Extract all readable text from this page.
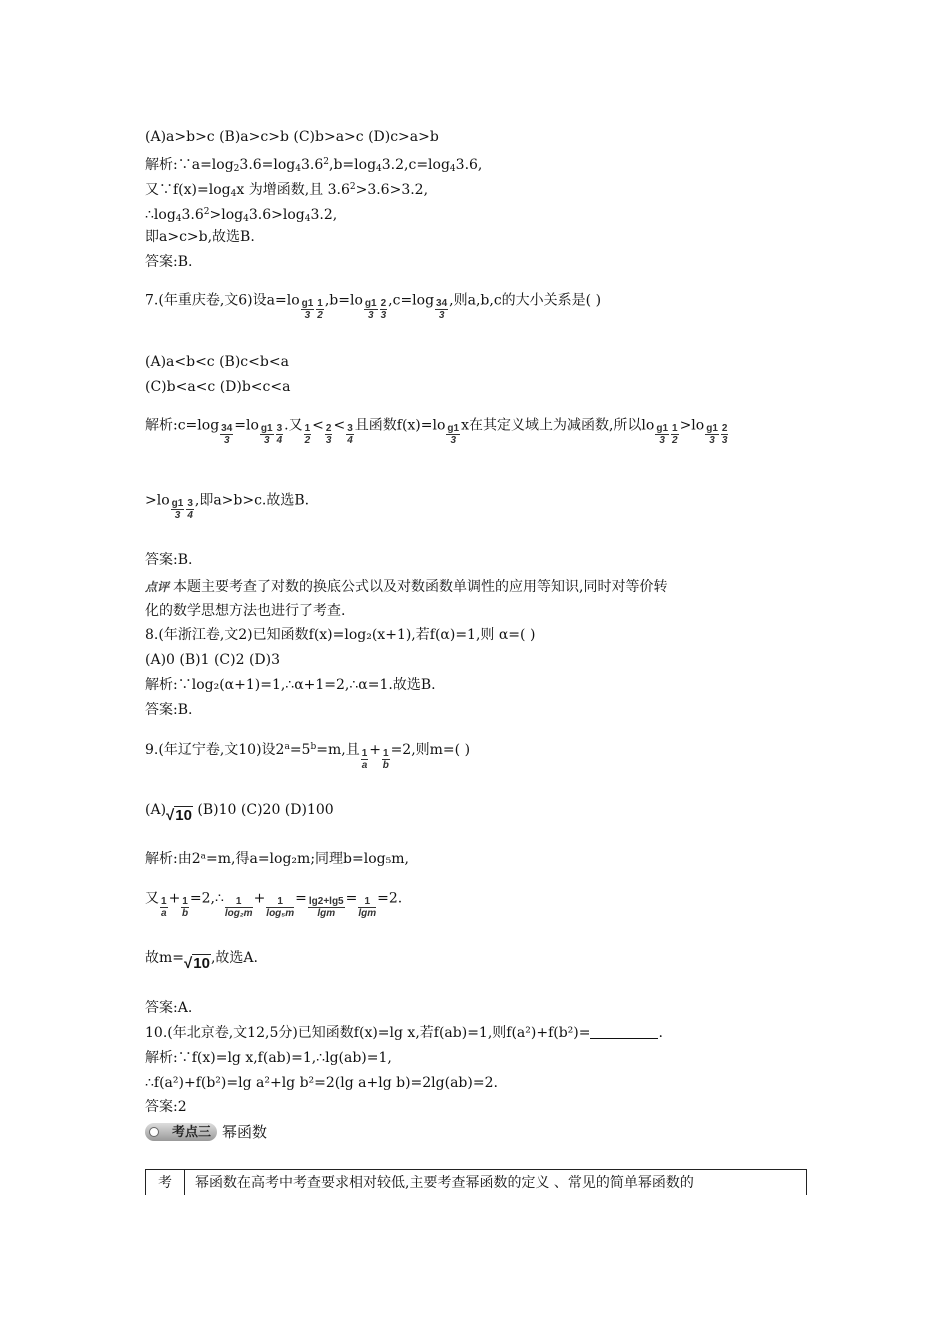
(A)a>b>c (B)a>c>b (C)b>a>c (D)c>a>b
解析$:\because a=\log_23.6=\log_43.6^2,b=\log_43.2,c=\log_43.6$,
又$\because f(x)=\log_4x$ 为增函数,且 $3.6^2>3.6>3.2$,
$\therefore\log_43.6^2>\log_43.6>\log_43.2$,
即a>c>b,故选B.
答案:B.
7.(年重庆卷,文6)设$a=lo \frac{g1}{3} \frac{1}{2} ,b=lo \frac{g1}{3} \frac{2}{3} ,c=\log \frac{34}{3}$ ,则a,b,c的大小关系是( )
(A)a<b<c (B)c<b<a
(C)b<a<c (D)b<c<a
解析:c=log $\frac{34}{3} =lo \frac{g1}{3} \frac{3}{4}$ .又 $\frac{1}{2} < \frac{2}{3} < \frac{3}{4}$ 且函数$f(x)=lo \frac{g1}{3}$ x在其定义域上为减函数,所以lo $\frac{g1}{3} \frac{1}{2} >lo \frac{g1}{3} \frac{2}{3}$
$>lo \frac{g1}{3} \frac{3}{4}$ ,即a>b>c.故选B.
答案:B.
点评 本题主要考查了对数的换底公式以及对数函数单调性的应用等知识,同时对等价转
化的数学思想方法也进行了考查.
8.(年浙江卷,文2)已知函数f(x)=log₂(x+1),若f(α)=1,则 α=( )
(A)0 (B)1 (C)2 (D)3
解析:∵log₂(α+1)=1,∴α+1=2,∴α=1.故选B.
答案:B.
9.(年辽宁卷,文10)设$2^a=5^b=m$,且 $\frac{1}{a} + \frac{1}{b} =2$,则m=( )
(A)√10 (B)10 (C)20 (D)100
解析:由2ᵃ=m,得a=log₂m;同理b=log₅m,
又 $\frac{1}{a} + \frac{1}{b}$ =2,∴ $\frac{1}{\text{log₂m}} + \frac{1}{\text{log₅m}} = \frac{\lg 2+\lg 5}{\lg m} = \frac{1}{\lg m} =2$.
故m=√10,故选A.
答案:A.
10.(年北京卷,文12,5分)已知函数f(x)=lg x,若f(ab)=1,则f(a²)+f(b²)=	.
解析:∵f(x)=lg x,f(ab)=1,∴lg(ab)=1,
∴f(a²)+f(b²)=lg a²+lg b²=2(lg a+lg b)=2lg(ab)=2.
答案:2
考点三 幂函数
考	幂函数在高考中考查要求相对较低,主要考查幂函数的定义 、常见的简单幂函数的
